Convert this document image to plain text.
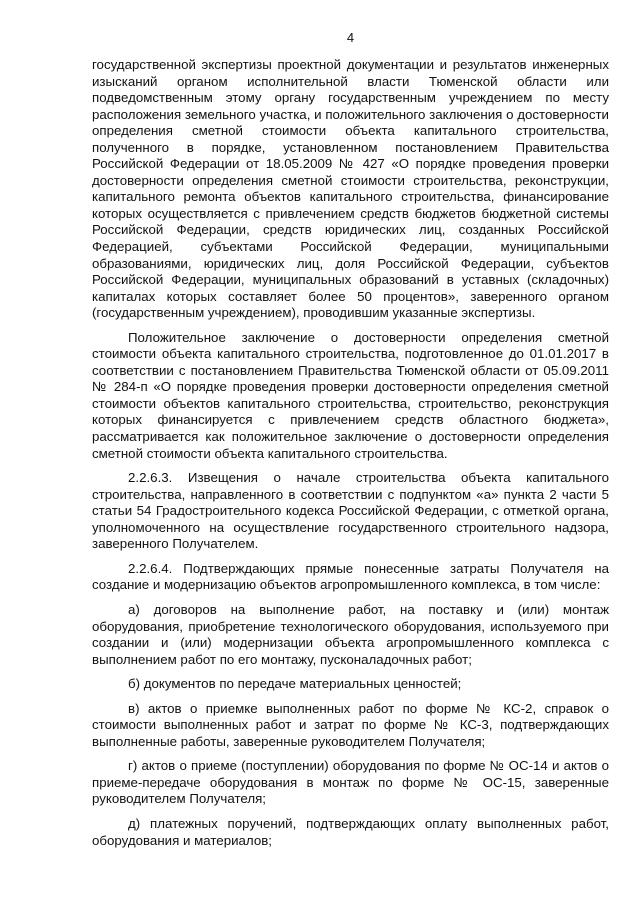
4

государственной экспертизы проектной документации и результатов инженерных изысканий органом исполнительной власти Тюменской области или подведомственным этому органу государственным учреждением по месту расположения земельного участка, и положительного заключения о достоверности определения сметной стоимости объекта капитального строительства, полученного в порядке, установленном постановлением Правительства Российской Федерации от 18.05.2009 № 427 «О порядке проведения проверки достоверности определения сметной стоимости строительства, реконструкции, капитального ремонта объектов капитального строительства, финансирование которых осуществляется с привлечением средств бюджетов бюджетной системы Российской Федерации, средств юридических лиц, созданных Российской Федерацией, субъектами Российской Федерации, муниципальными образованиями, юридических лиц, доля Российской Федерации, субъектов Российской Федерации, муниципальных образований в уставных (складочных) капиталах которых составляет более 50 процентов», заверенного органом (государственным учреждением), проводившим указанные экспертизы.

Положительное заключение о достоверности определения сметной стоимости объекта капитального строительства, подготовленное до 01.01.2017 в соответствии с постановлением Правительства Тюменской области от 05.09.2011 № 284-п «О порядке проведения проверки достоверности определения сметной стоимости объектов капитального строительства, строительство, реконструкция которых финансируется с привлечением средств областного бюджета», рассматривается как положительное заключение о достоверности определения сметной стоимости объекта капитального строительства.

2.2.6.3. Извещения о начале строительства объекта капитального строительства, направленного в соответствии с подпунктом «а» пункта 2 части 5 статьи 54 Градостроительного кодекса Российской Федерации, с отметкой органа, уполномоченного на осуществление государственного строительного надзора, заверенного Получателем.

2.2.6.4. Подтверждающих прямые понесенные затраты Получателя на создание и модернизацию объектов агропромышленного комплекса, в том числе:

а) договоров на выполнение работ, на поставку и (или) монтаж оборудования, приобретение технологического оборудования, используемого при создании и (или) модернизации объекта агропромышленного комплекса с выполнением работ по его монтажу, пусконаладочных работ;

б) документов по передаче материальных ценностей;

в) актов о приемке выполненных работ по форме № КС-2, справок о стоимости выполненных работ и затрат по форме № КС-3, подтверждающих выполненные работы, заверенные руководителем Получателя;

г) актов о приеме (поступлении) оборудования по форме № ОС-14 и актов о приеме-передаче оборудования в монтаж по форме № ОС-15, заверенные руководителем Получателя;

д) платежных поручений, подтверждающих оплату выполненных работ, оборудования и материалов;
